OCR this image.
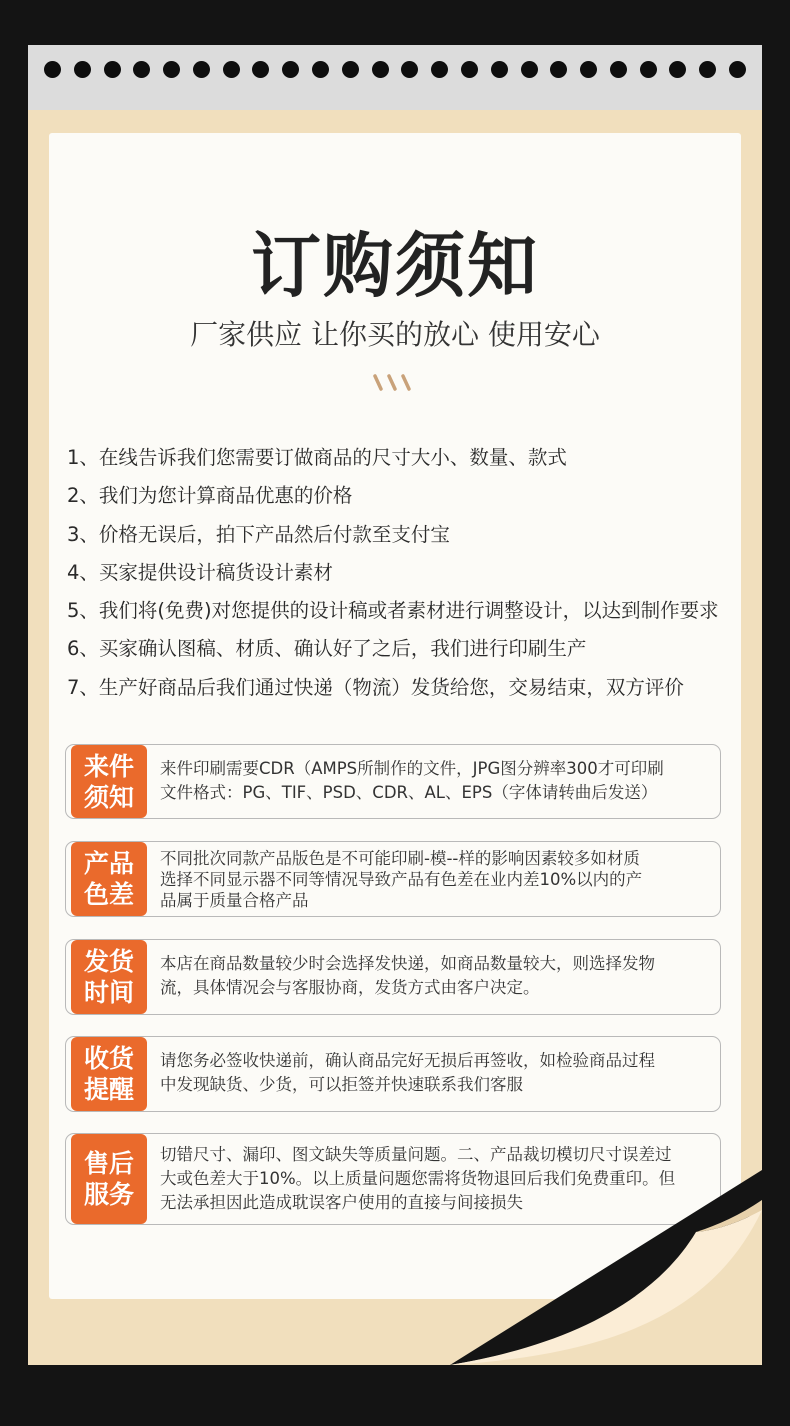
订购须知
厂家供应 让你买的放心 使用安心
1、在线告诉我们您需要订做商品的尺寸大小、数量、款式
2、我们为您计算商品优惠的价格
3、价格无误后，拍下产品然后付款至支付宝
4、买家提供设计稿货设计素材
5、我们将(免费)对您提供的设计稿或者素材进行调整设计，以达到制作要求
6、买家确认图稿、材质、确认好了之后，我们进行印刷生产
7、生产好商品后我们通过快递（物流）发货给您，交易结束，双方评价
来件
须知
来件印刷需要CDR（AMPS所制作的文件，JPG图分辨率300才可印刷
文件格式：PG、TIF、PSD、CDR、AL、EPS（字体请转曲后发送）
产品
色差
不同批次同款产品版色是不可能印刷-模--样的影响因素较多如材质
选择不同显示器不同等情况导致产品有色差在业内差10%以内的产
品属于质量合格产品
发货
时间
本店在商品数量较少时会选择发快递，如商品数量较大，则选择发物
流，具体情况会与客服协商，发货方式由客户决定。
收货
提醒
请您务必签收快递前，确认商品完好无损后再签收，如检验商品过程
中发现缺货、少货，可以拒签并快速联系我们客服
售后
服务
切错尺寸、漏印、图文缺失等质量问题。二、产品裁切模切尺寸误差过
大或色差大于10%。以上质量问题您需将货物退回后我们免费重印。但
无法承担因此造成耽误客户使用的直接与间接损失
